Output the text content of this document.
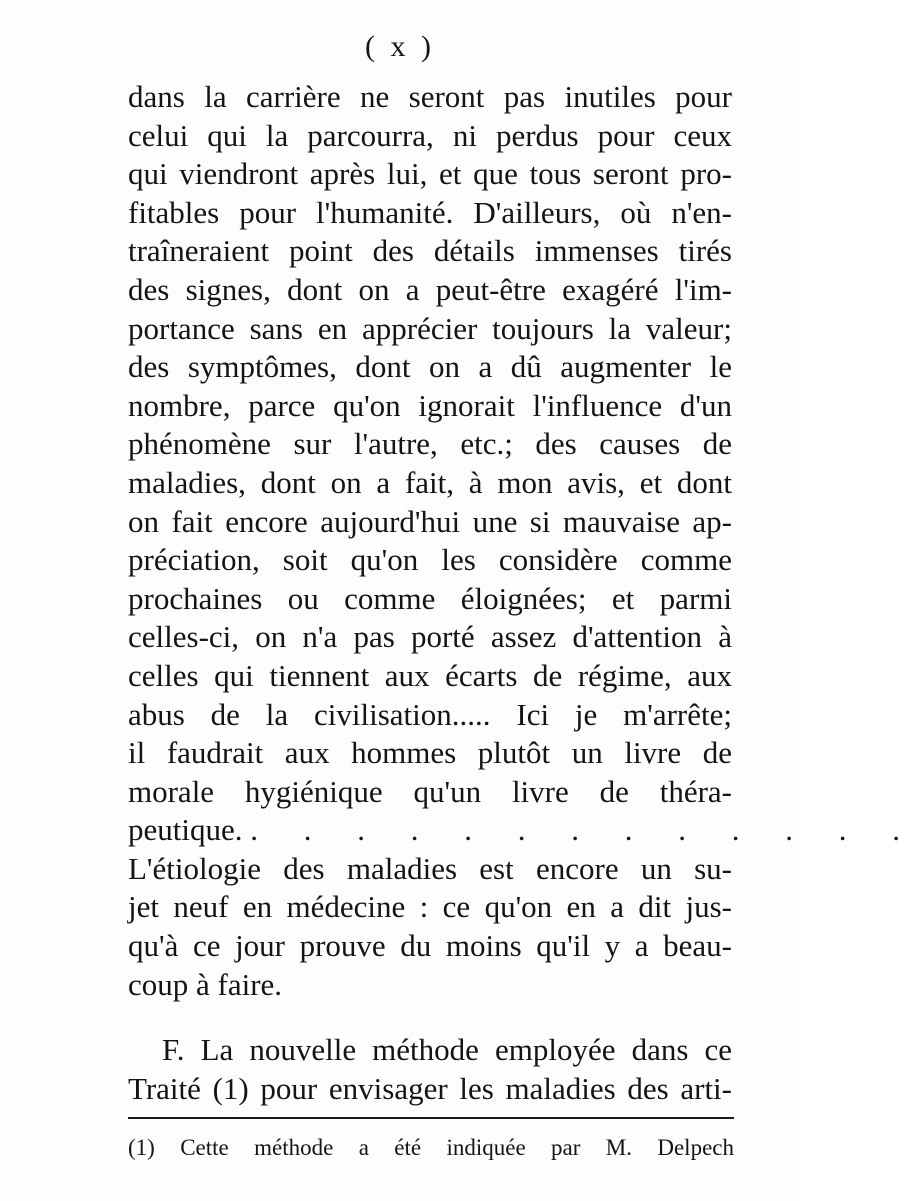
( x )
dans la carrière ne seront pas inutiles pour
celui qui la parcourra, ni perdus pour ceux
qui viendront après lui, et que tous seront pro-
fitables pour l'humanité. D'ailleurs, où n'en-
traîneraient point des détails immenses tirés
des signes, dont on a peut-être exagéré l'im-
portance sans en apprécier toujours la valeur;
des symptômes, dont on a dû augmenter le
nombre, parce qu'on ignorait l'influence d'un
phénomène sur l'autre, etc.; des causes de
maladies, dont on a fait, à mon avis, et dont
on fait encore aujourd'hui une si mauvaise ap-
préciation, soit qu'on les considère comme
prochaines ou comme éloignées; et parmi
celles-ci, on n'a pas porté assez d'attention à
celles qui tiennent aux écarts de régime, aux
abus de la civilisation..... Ici je m'arrête;
il faudrait aux hommes plutôt un livre de
morale hygiénique qu'un livre de théra-
peutique. . . . . . . . . . . . . .
L'étiologie des maladies est encore un su-
jet neuf en médecine : ce qu'on en a dit jus-
qu'à ce jour prouve du moins qu'il y a beau-
coup à faire.
F. La nouvelle méthode employée dans ce
Traité (1) pour envisager les maladies des arti-
(1) Cette méthode a été indiquée par M. Delpech
